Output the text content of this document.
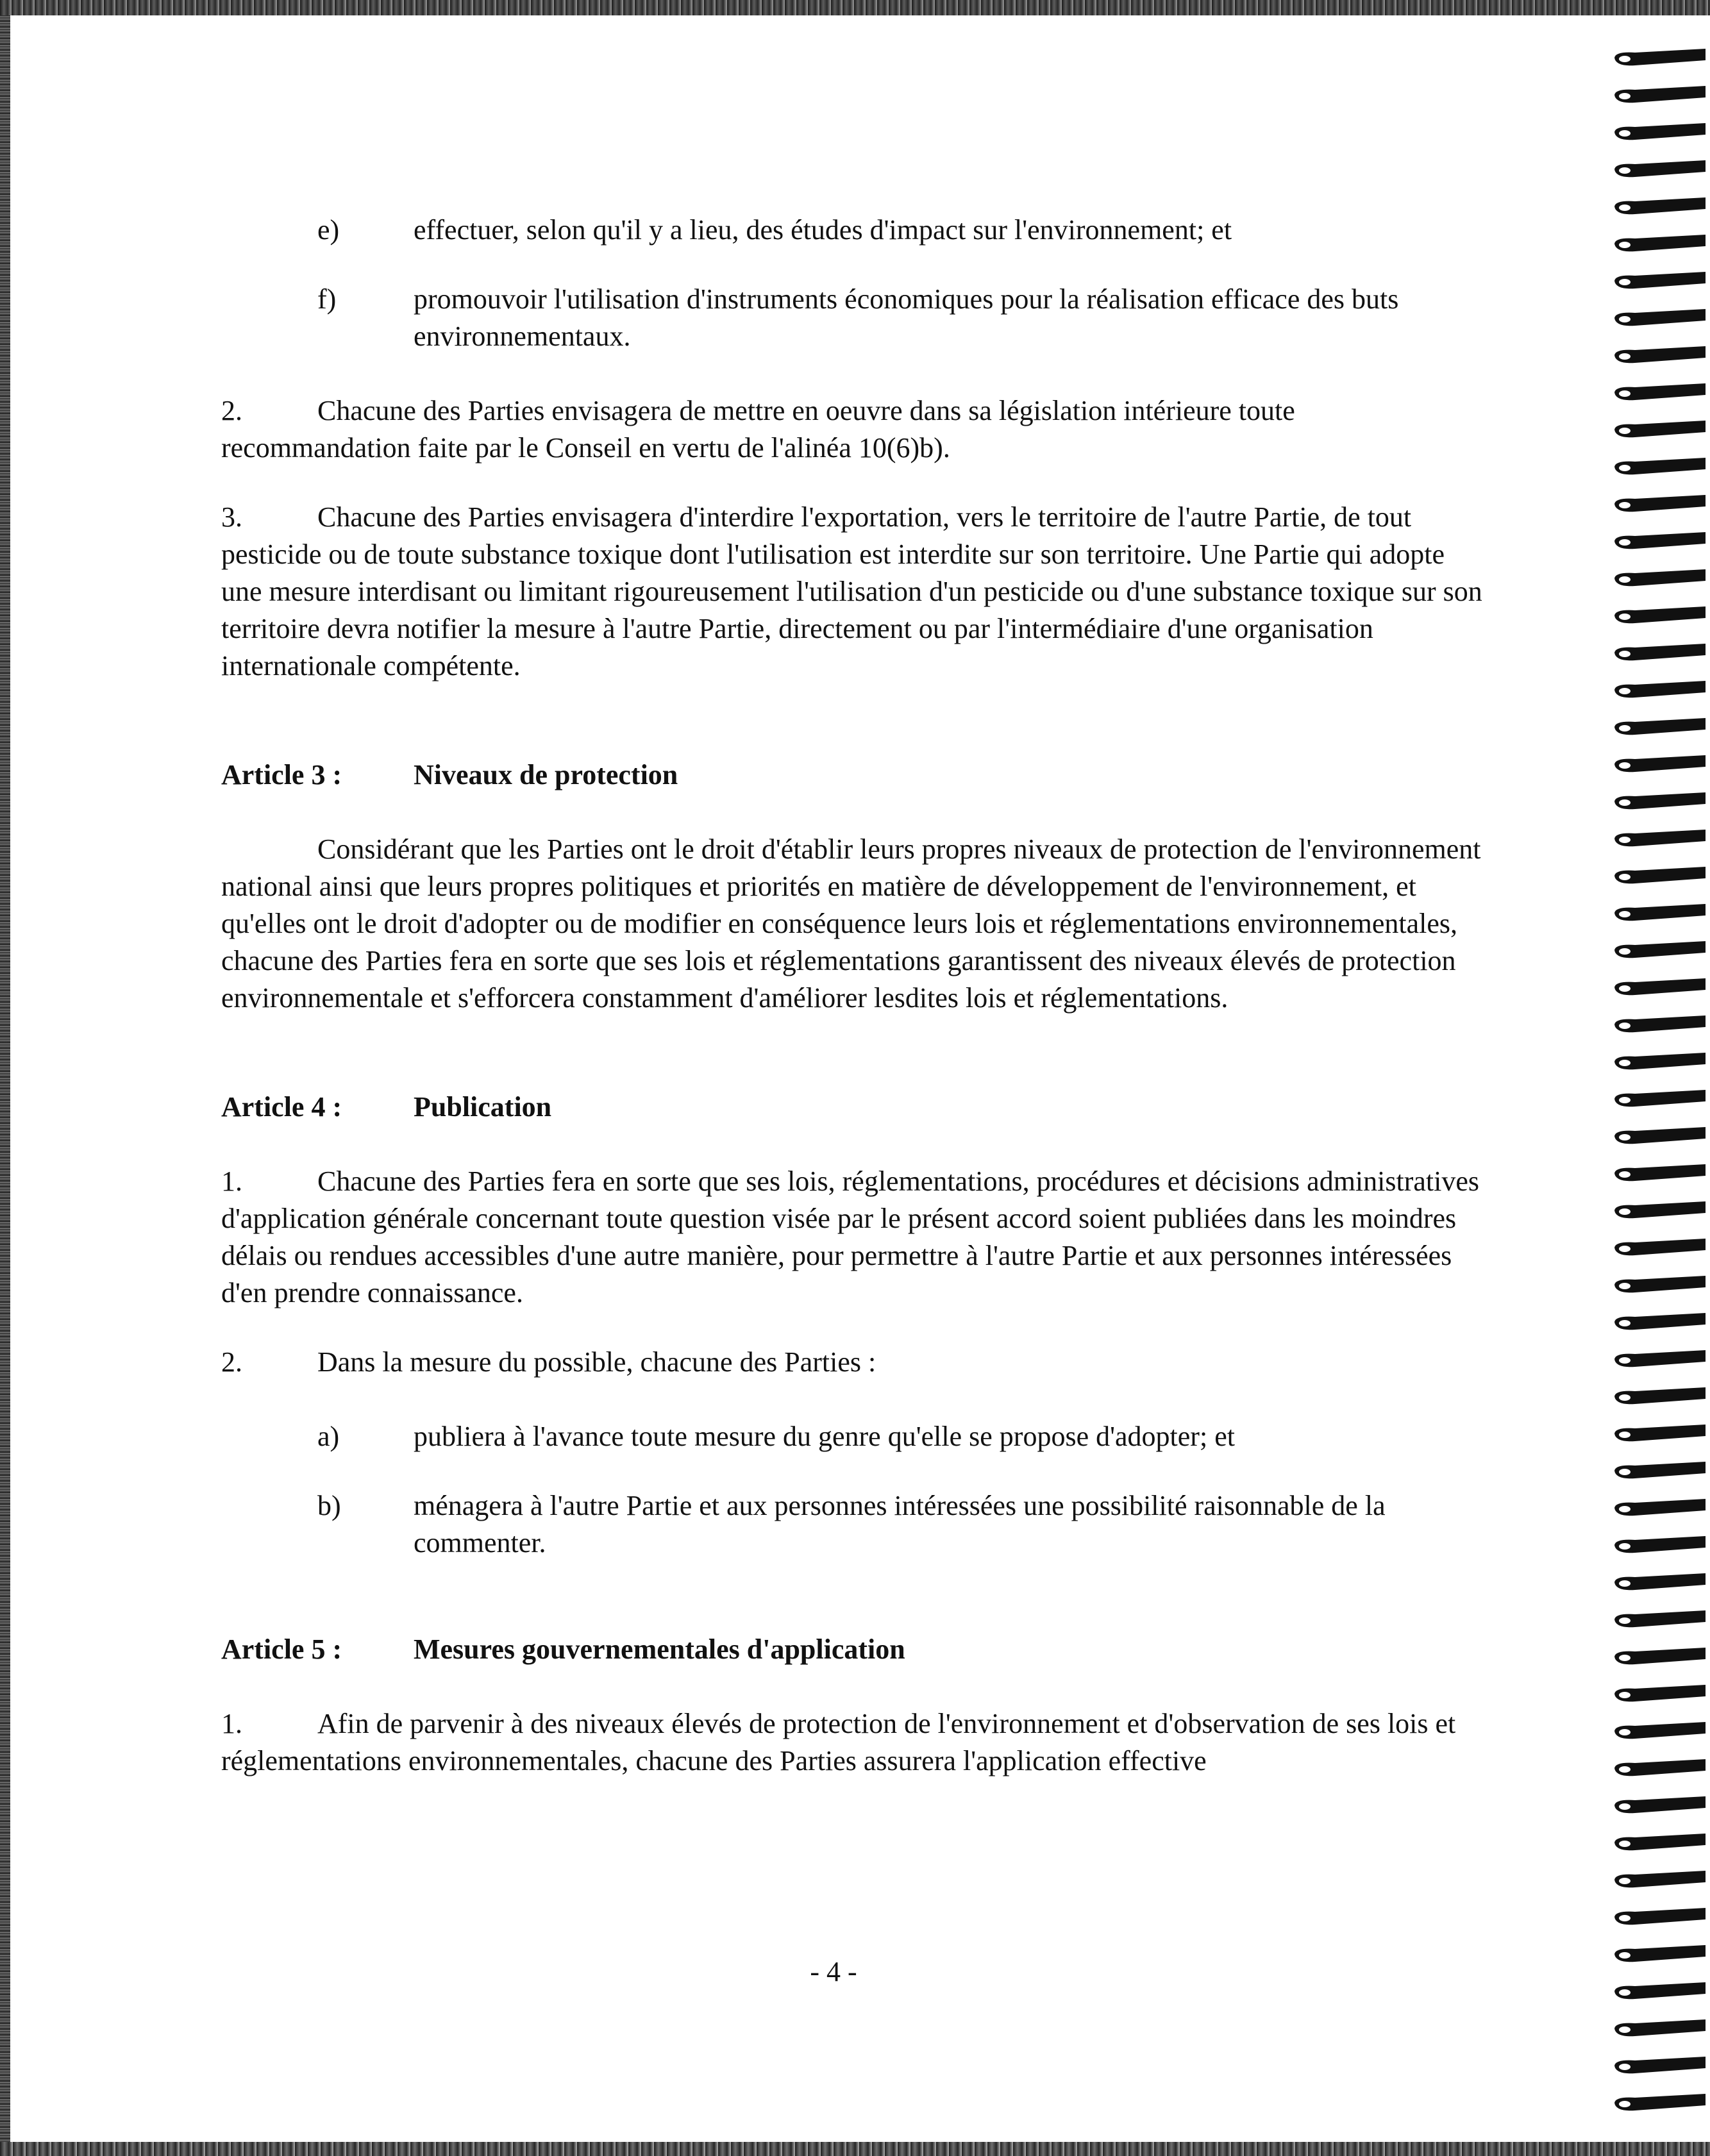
e)	effectuer, selon qu'il y a lieu, des études d'impact sur l'environnement; et
f)	promouvoir l'utilisation d'instruments économiques pour la réalisation efficace des buts environnementaux.

2.	Chacune des Parties envisagera de mettre en oeuvre dans sa législation intérieure toute recommandation faite par le Conseil en vertu de l'alinéa 10(6)b).

3.	Chacune des Parties envisagera d'interdire l'exportation, vers le territoire de l'autre Partie, de tout pesticide ou de toute substance toxique dont l'utilisation est interdite sur son territoire. Une Partie qui adopte une mesure interdisant ou limitant rigoureusement l'utilisation d'un pesticide ou d'une substance toxique sur son territoire devra notifier la mesure à l'autre Partie, directement ou par l'intermédiaire d'une organisation internationale compétente.

Article 3 :	Niveaux de protection

Considérant que les Parties ont le droit d'établir leurs propres niveaux de protection de l'environnement national ainsi que leurs propres politiques et priorités en matière de développement de l'environnement, et qu'elles ont le droit d'adopter ou de modifier en conséquence leurs lois et réglementations environnementales, chacune des Parties fera en sorte que ses lois et réglementations garantissent des niveaux élevés de protection environnementale et s'efforcera constamment d'améliorer lesdites lois et réglementations.

Article 4 :	Publication

1.	Chacune des Parties fera en sorte que ses lois, réglementations, procédures et décisions administratives d'application générale concernant toute question visée par le présent accord soient publiées dans les moindres délais ou rendues accessibles d'une autre manière, pour permettre à l'autre Partie et aux personnes intéressées d'en prendre connaissance.

2.	Dans la mesure du possible, chacune des Parties :

a)	publiera à l'avance toute mesure du genre qu'elle se propose d'adopter; et
b)	ménagera à l'autre Partie et aux personnes intéressées une possibilité raisonnable de la commenter.
Article 5 :	Mesures gouvernementales d'application

1.	Afin de parvenir à des niveaux élevés de protection de l'environnement et d'observation de ses lois et réglementations environnementales, chacune des Parties assurera l'application effective

- 4 -
